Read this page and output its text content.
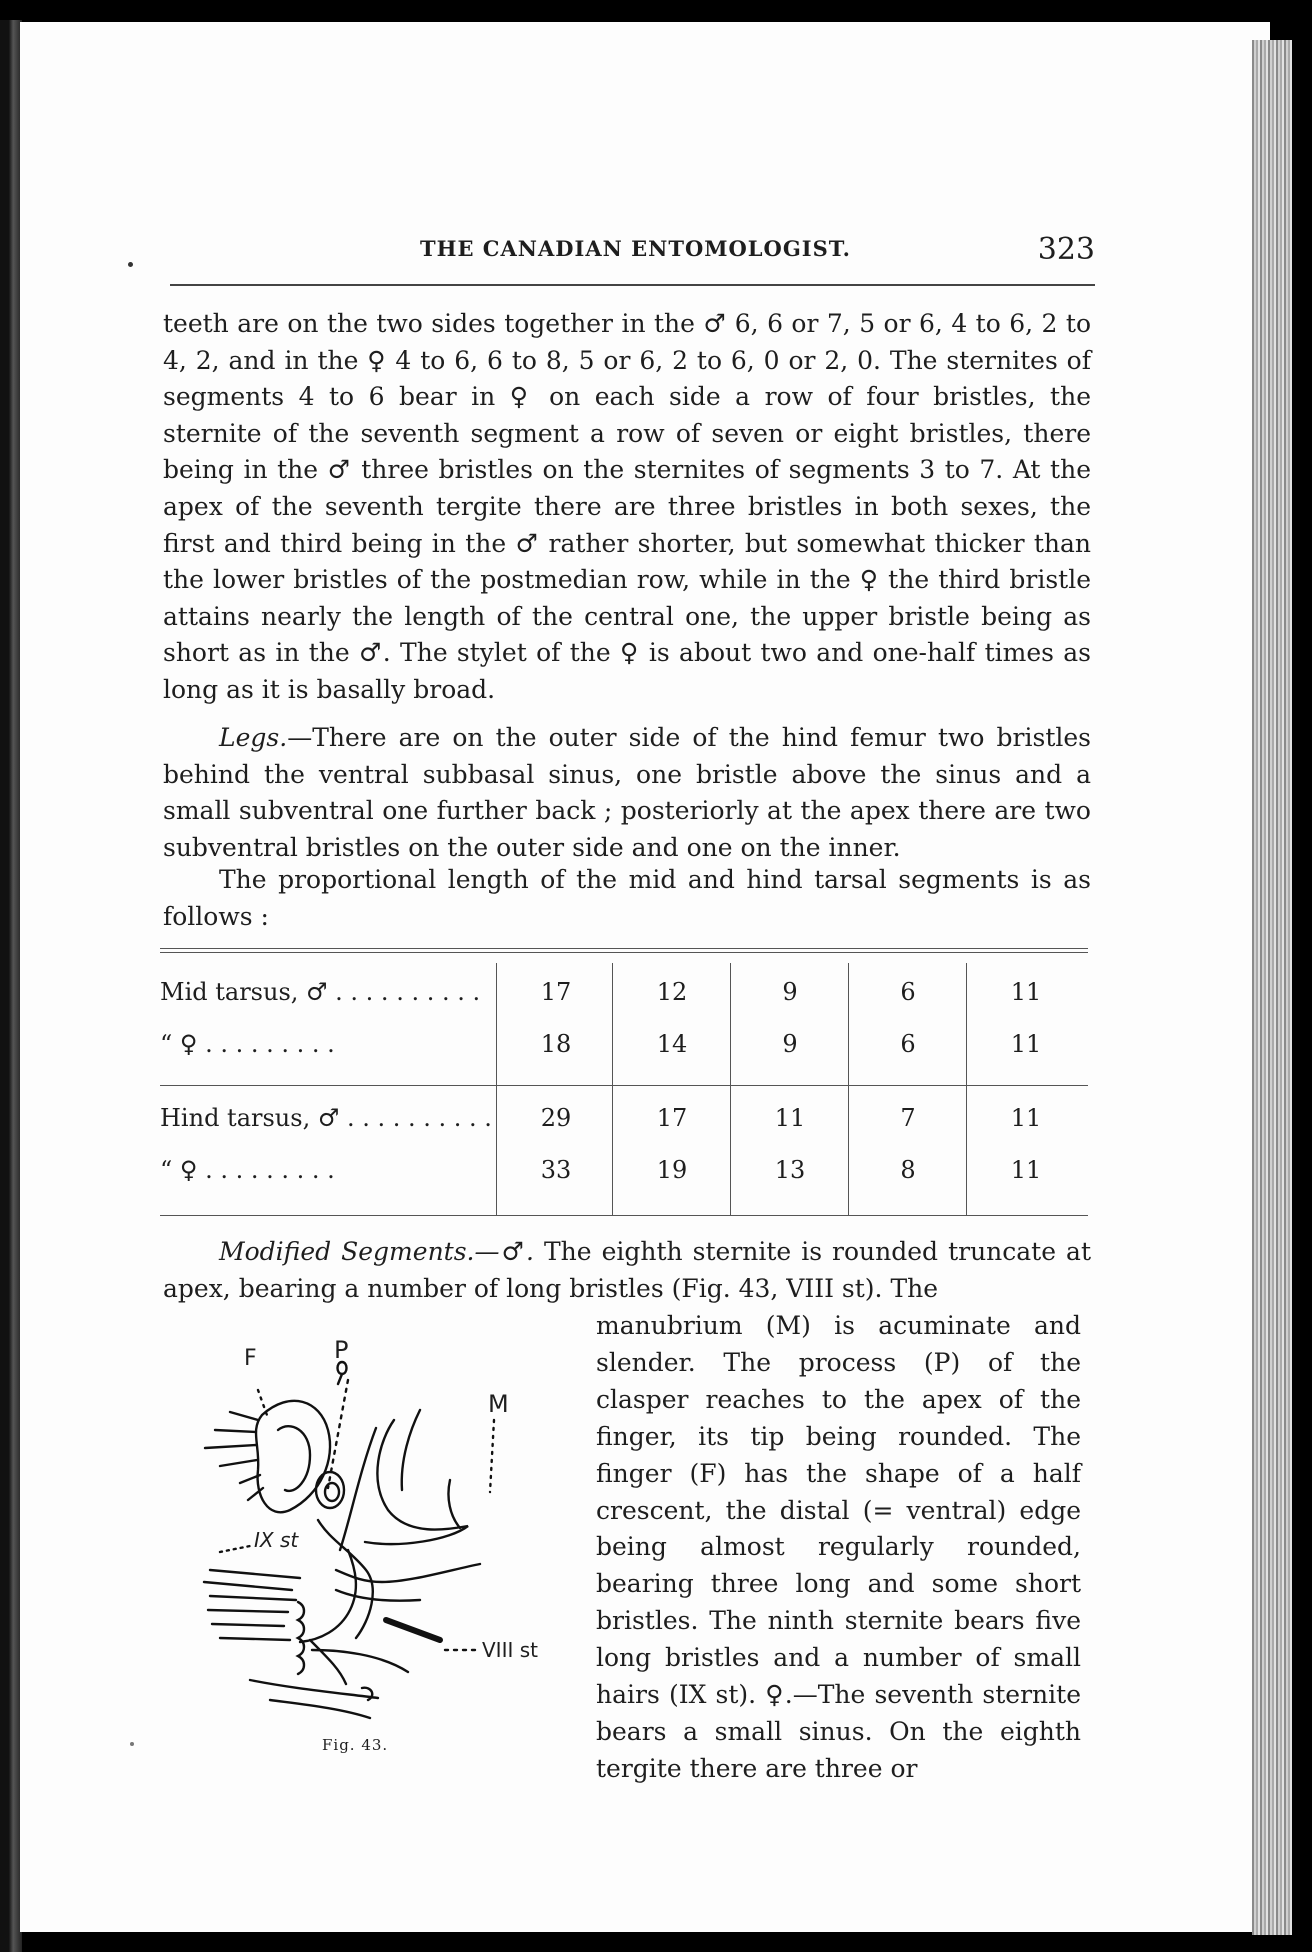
THE CANADIAN ENTOMOLOGIST.	323
teeth are on the two sides together in the ♂ 6, 6 or 7, 5 or 6, 4 to 6, 2 to 4, 2, and in the ♀ 4 to 6, 6 to 8, 5 or 6, 2 to 6, 0 or 2, 0. The sternites of segments 4 to 6 bear in ♀ on each side a row of four bristles, the sternite of the seventh segment a row of seven or eight bristles, there being in the ♂ three bristles on the sternites of segments 3 to 7. At the apex of the seventh tergite there are three bristles in both sexes, the first and third being in the ♂ rather shorter, but somewhat thicker than the lower bristles of the postmedian row, while in the ♀ the third bristle attains nearly the length of the central one, the upper bristle being as short as in the ♂. The stylet of the ♀ is about two and one-half times as long as it is basally broad.
Legs.—There are on the outer side of the hind femur two bristles behind the ventral subbasal sinus, one bristle above the sinus and a small subventral one further back ; posteriorly at the apex there are two subventral bristles on the outer side and one on the inner.
The proportional length of the mid and hind tarsal segments is as follows :
Mid tarsus, ♂ . . . . . . . . . .	17	12	9	6	11
“ ♀ . . . . . . . . .	18	14	9	6	11
Hind tarsus, ♂ . . . . . . . . . .	29	17	11	7	11
“ ♀ . . . . . . . . .	33	19	13	8	11
Modified Segments.—♂. The eighth sternite is rounded truncate at apex, bearing a number of long bristles (Fig. 43, VIII st). The
manubrium (M) is acuminate and slender. The process (P) of the clasper reaches to the apex of the finger, its tip being rounded. The finger (F) has the shape of a half crescent, the distal (= ventral) edge being almost regularly rounded, bearing three long and some short bristles. The ninth sternite bears five long bristles and a number of small hairs (IX st). ♀.—The seventh sternite bears a small sinus. On the eighth tergite there are three or
F	P
M
IX st
VIII st
Fig. 43.
